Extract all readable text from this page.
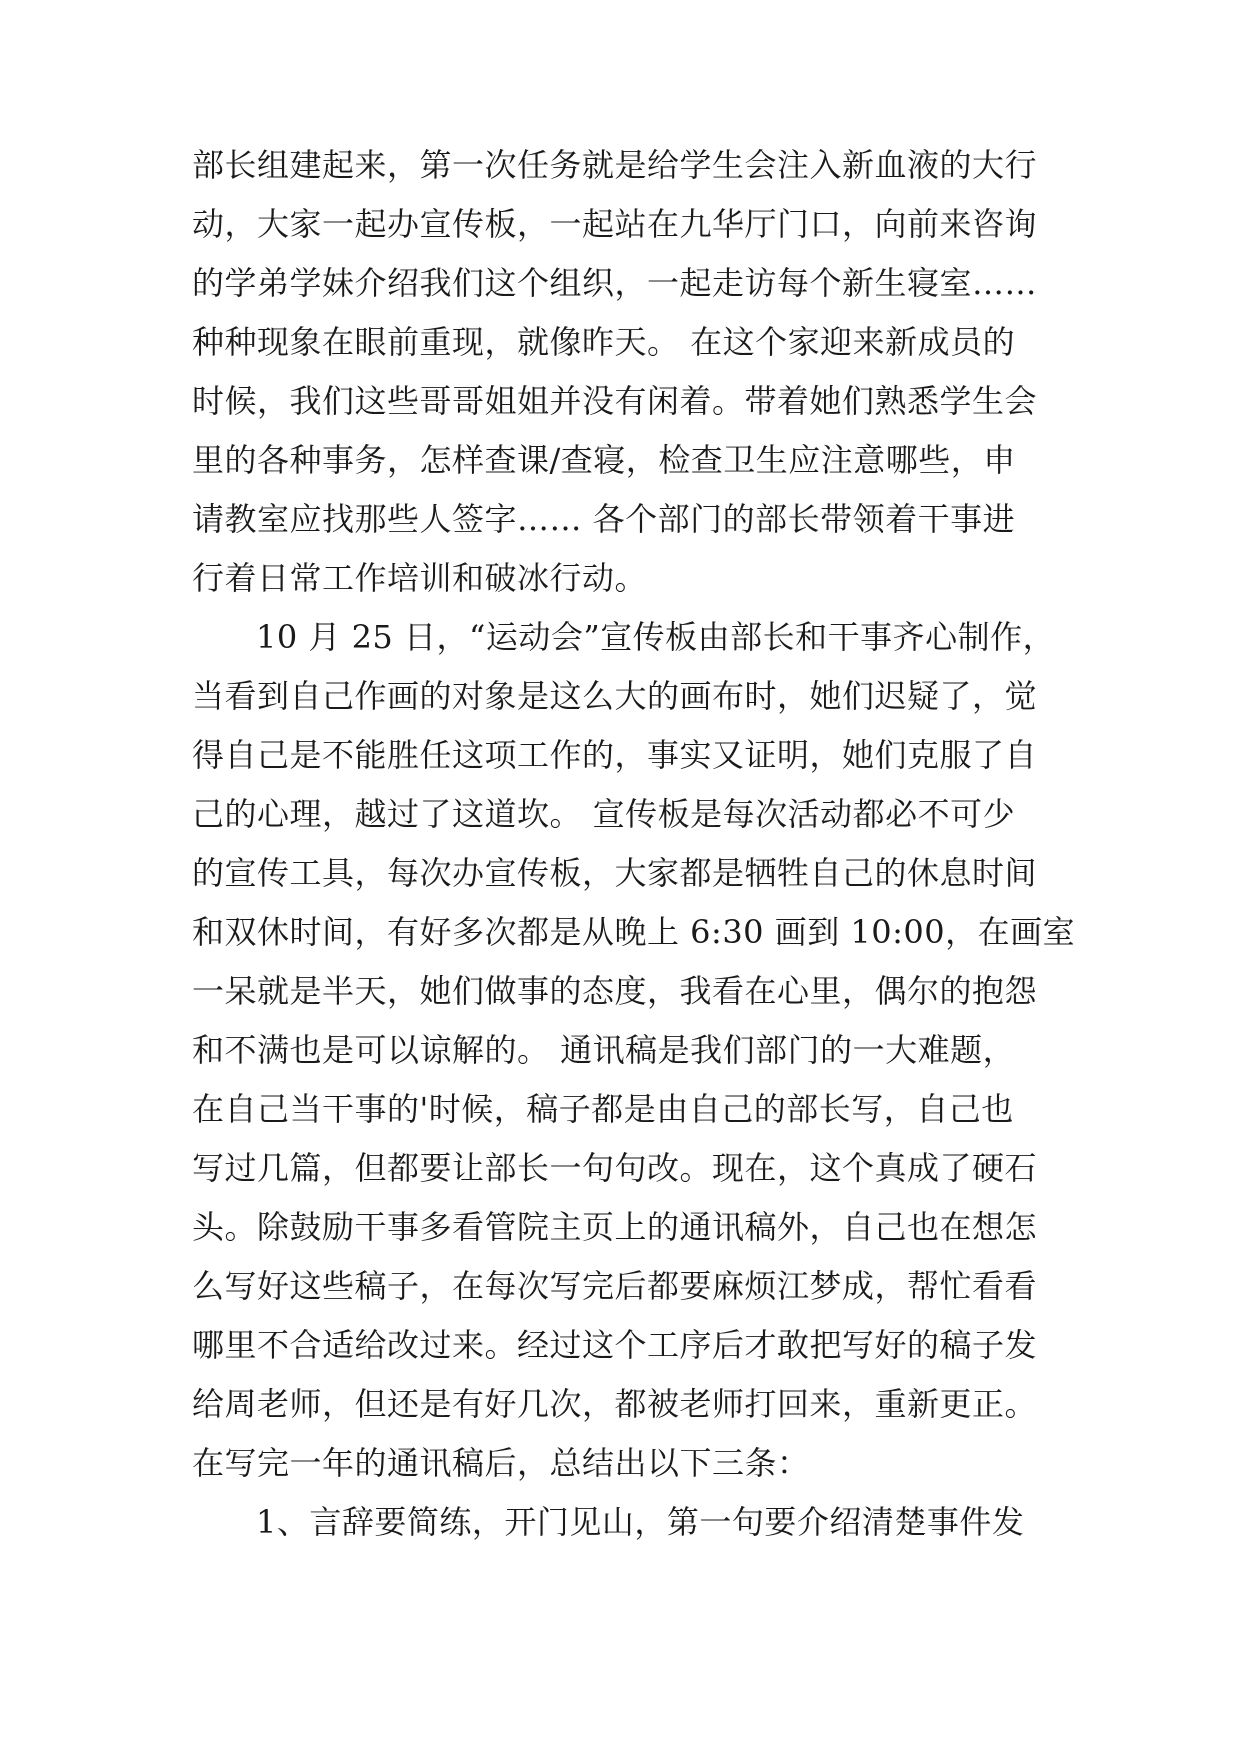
部长组建起来，第一次任务就是给学生会注入新血液的大行
动，大家一起办宣传板，一起站在九华厅门口，向前来咨询
的学弟学妹介绍我们这个组织，一起走访每个新生寝室……
种种现象在眼前重现，就像昨天。 在这个家迎来新成员的
时候，我们这些哥哥姐姐并没有闲着。带着她们熟悉学生会
里的各种事务，怎样查课/查寝，检查卫生应注意哪些，申
请教室应找那些人签字…… 各个部门的部长带领着干事进
行着日常工作培训和破冰行动。
10 月 25 日，“运动会”宣传板由部长和干事齐心制作，
当看到自己作画的对象是这么大的画布时，她们迟疑了，觉
得自己是不能胜任这项工作的，事实又证明，她们克服了自
己的心理，越过了这道坎。 宣传板是每次活动都必不可少
的宣传工具，每次办宣传板，大家都是牺牲自己的休息时间
和双休时间，有好多次都是从晚上 6:30 画到 10:00，在画室
一呆就是半天，她们做事的态度，我看在心里，偶尔的抱怨
和不满也是可以谅解的。 通讯稿是我们部门的一大难题，
在自己当干事的'时候，稿子都是由自己的部长写，自己也
写过几篇，但都要让部长一句句改。现在，这个真成了硬石
头。除鼓励干事多看管院主页上的通讯稿外，自己也在想怎
么写好这些稿子，在每次写完后都要麻烦江梦成，帮忙看看
哪里不合适给改过来。经过这个工序后才敢把写好的稿子发
给周老师，但还是有好几次，都被老师打回来，重新更正。
在写完一年的通讯稿后，总结出以下三条：
1、言辞要简练，开门见山，第一句要介绍清楚事件发
